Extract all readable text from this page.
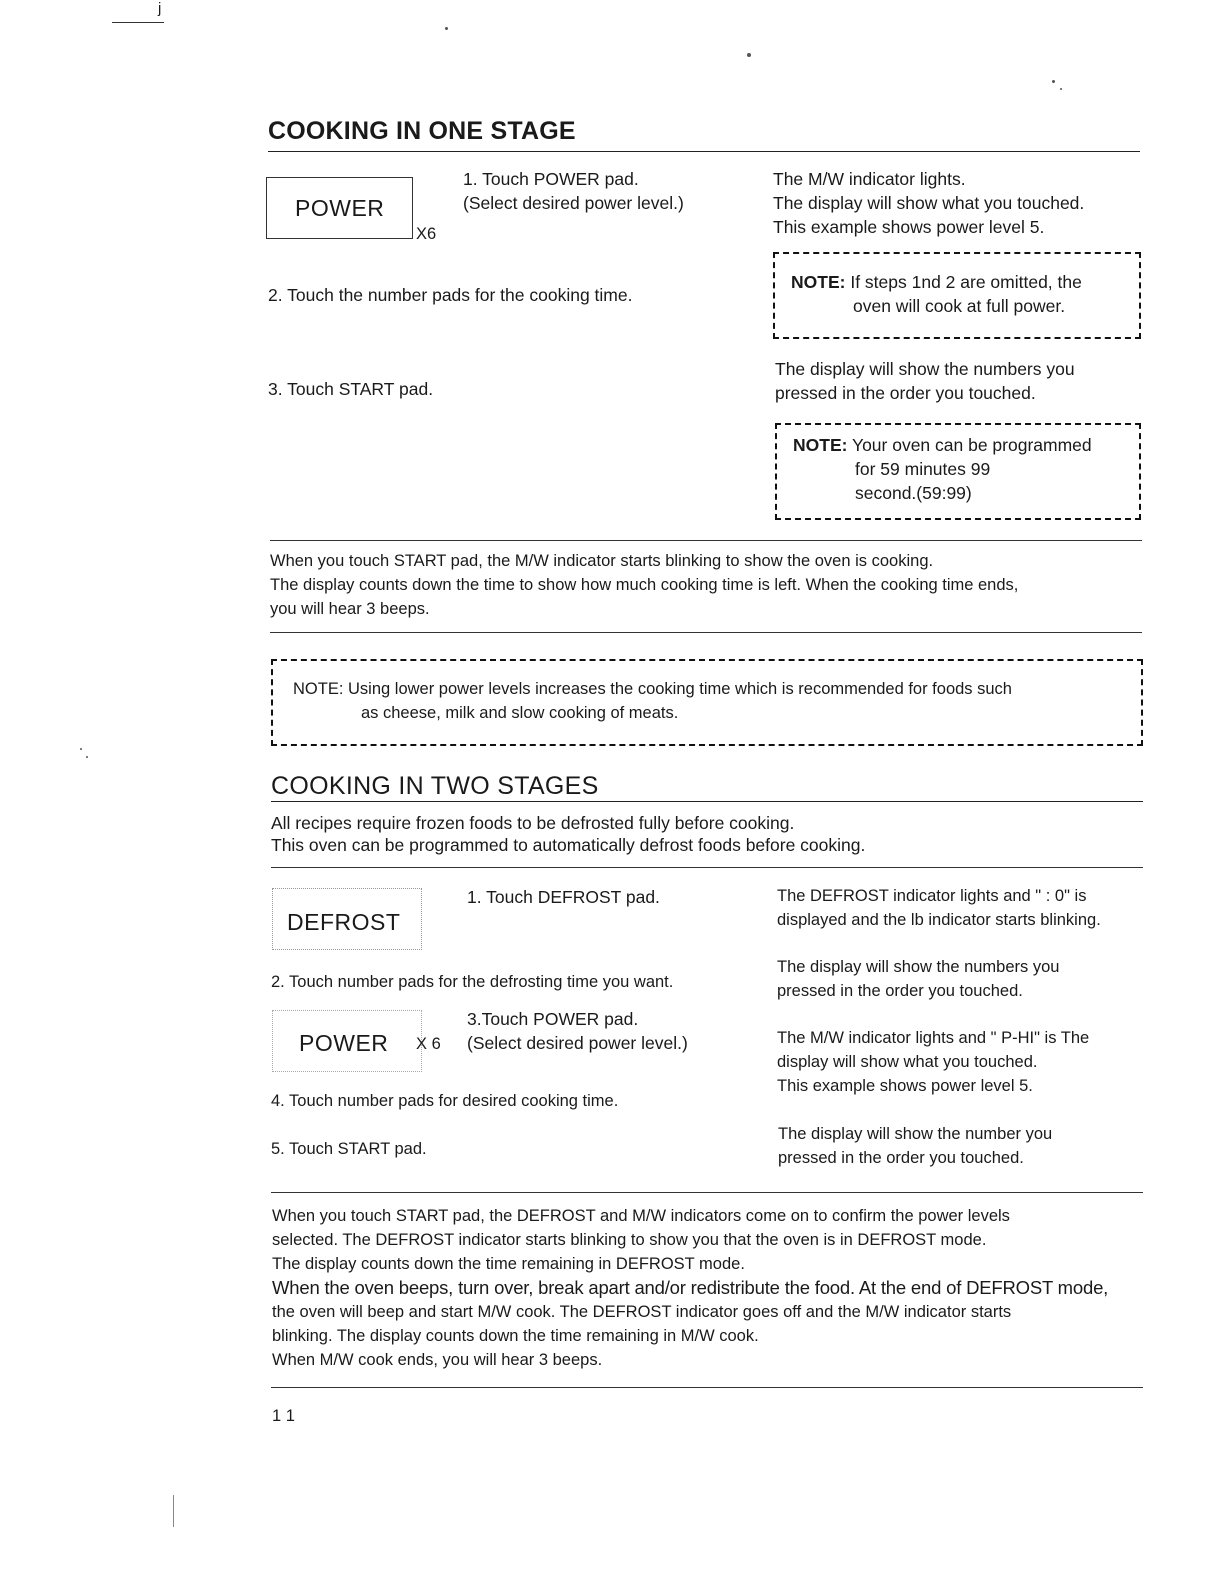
j
COOKING IN ONE STAGE
POWER
X6
1. Touch POWER pad.
(Select desired power level.)
The M/W indicator lights.
The display will show what you touched.
This example shows power level 5.
2. Touch the number pads for the cooking time.
NOTE: If steps 1nd 2 are omitted, the
oven will cook at full power.
3. Touch START pad.
The display will show the numbers you
pressed in the order you touched.
NOTE: Your oven can be programmed
for 59 minutes 99
second.(59:99)
When you touch START pad, the M/W indicator starts blinking to show the oven is cooking.
The display counts down the time to show how much cooking time is left. When the cooking time ends,
you will hear 3 beeps.
NOTE: Using lower power levels increases the cooking time which is recommended for foods such
as cheese, milk and slow cooking of meats.
COOKING IN TWO STAGES
All recipes require frozen foods to be defrosted fully before cooking.
This oven can be programmed to automatically defrost foods before cooking.
DEFROST
1. Touch DEFROST pad.	The DEFROST indicator lights and " : 0" is
displayed and the lb indicator starts blinking.
2. Touch number pads for the defrosting time you want.
The display will show the numbers you
pressed in the order you touched.
POWER X 6
3.Touch POWER pad.
(Select desired power level.)	The M/W indicator lights and " P-HI" is The
display will show what you touched.
This example shows power level 5.
4. Touch number pads for desired cooking time.
5. Touch START pad.
The display will show the number you
pressed in the order you touched.
When you touch START pad, the DEFROST and M/W indicators come on to confirm the power levels
selected. The DEFROST indicator starts blinking to show you that the oven is in DEFROST mode.
The display counts down the time remaining in DEFROST mode.
When the oven beeps, turn over, break apart and/or redistribute the food. At the end of DEFROST mode,
the oven will beep and start M/W cook. The DEFROST indicator goes off and the M/W indicator starts
blinking. The display counts down the time remaining in M/W cook.
When M/W cook ends, you will hear 3 beeps.
1 1
